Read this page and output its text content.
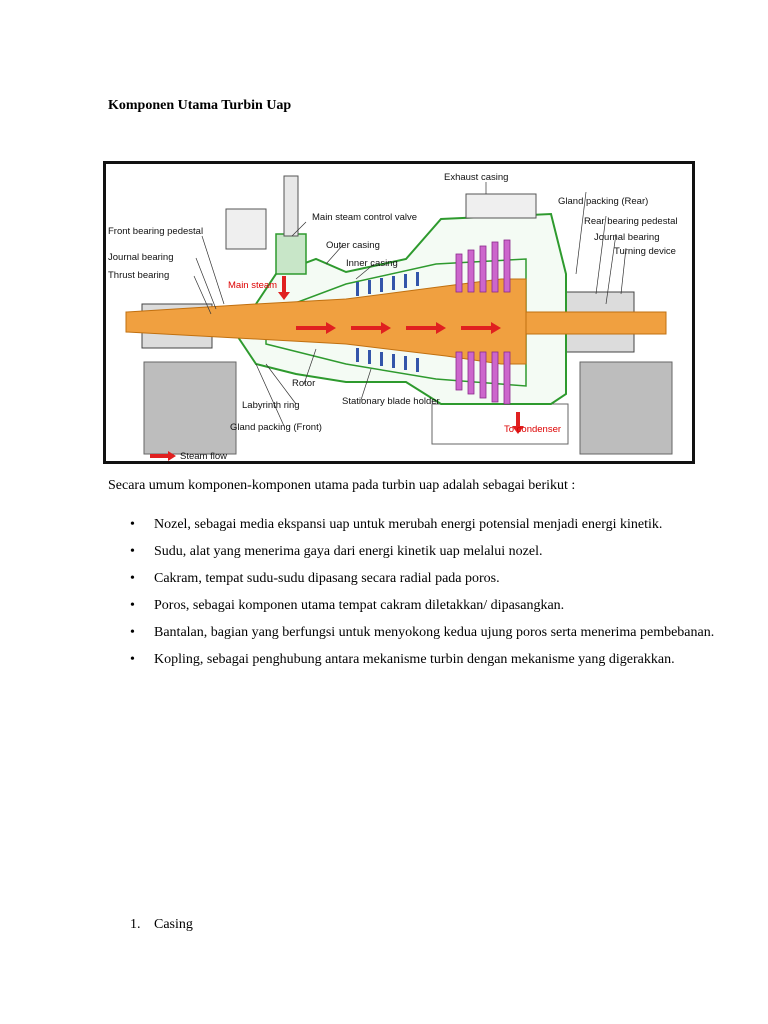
Komponen Utama Turbin Uap
Exhaust casing
Gland packing (Rear)
Rear bearing pedestal
Journal bearing
Turning device
Front bearing pedestal
Journal bearing
Thrust bearing
Main steam control valve
Outer casing
Inner casing
Main steam
Rotor
Labyrinth ring	Stationary blade holder
Gland packing (Front)	To condenser
Steam flow

Secara umum komponen-komponen utama pada turbin uap adalah sebagai berikut :

• Nozel, sebagai media ekspansi uap untuk merubah energi potensial menjadi energi kinetik.
• Sudu, alat yang menerima gaya dari energi kinetik uap melalui nozel.
• Cakram, tempat sudu-sudu dipasang secara radial pada poros.
• Poros, sebagai komponen utama tempat cakram diletakkan/ dipasangkan.
• Bantalan, bagian yang berfungsi untuk menyokong kedua ujung poros serta menerima pembebanan.
• Kopling, sebagai penghubung antara mekanisme turbin dengan mekanisme yang digerakkan.
1. Casing
